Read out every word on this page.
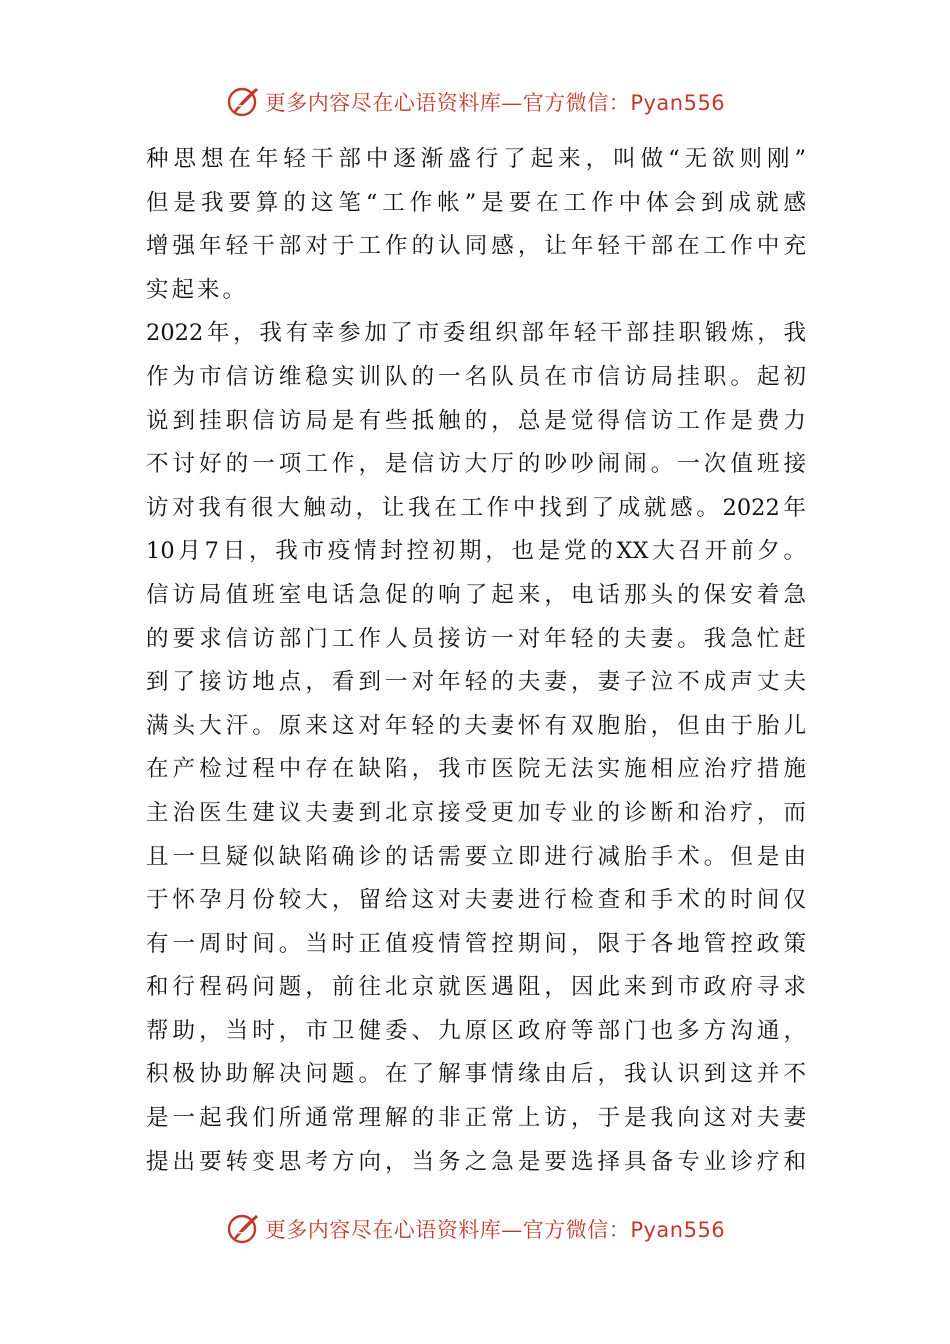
更多内容尽在心语资料库—官方微信：Pyan556
种思想在年轻干部中逐渐盛行了起来，叫做“无欲则刚”
但是我要算的这笔“工作帐”是要在工作中体会到成就感
增强年轻干部对于工作的认同感，让年轻干部在工作中充
实起来。
2022年，我有幸参加了市委组织部年轻干部挂职锻炼，我
作为市信访维稳实训队的一名队员在市信访局挂职。起初
说到挂职信访局是有些抵触的，总是觉得信访工作是费力
不讨好的一项工作，是信访大厅的吵吵闹闹。一次值班接
访对我有很大触动，让我在工作中找到了成就感。2022年
10月7日，我市疫情封控初期，也是党的XX大召开前夕。
信访局值班室电话急促的响了起来，电话那头的保安着急
的要求信访部门工作人员接访一对年轻的夫妻。我急忙赶
到了接访地点，看到一对年轻的夫妻，妻子泣不成声丈夫
满头大汗。原来这对年轻的夫妻怀有双胞胎，但由于胎儿
在产检过程中存在缺陷，我市医院无法实施相应治疗措施
主治医生建议夫妻到北京接受更加专业的诊断和治疗，而
且一旦疑似缺陷确诊的话需要立即进行减胎手术。但是由
于怀孕月份较大，留给这对夫妻进行检查和手术的时间仅
有一周时间。当时正值疫情管控期间，限于各地管控政策
和行程码问题，前往北京就医遇阻，因此来到市政府寻求
帮助，当时，市卫健委、九原区政府等部门也多方沟通，
积极协助解决问题。在了解事情缘由后，我认识到这并不
是一起我们所通常理解的非正常上访，于是我向这对夫妻
提出要转变思考方向，当务之急是要选择具备专业诊疗和
更多内容尽在心语资料库—官方微信：Pyan556
